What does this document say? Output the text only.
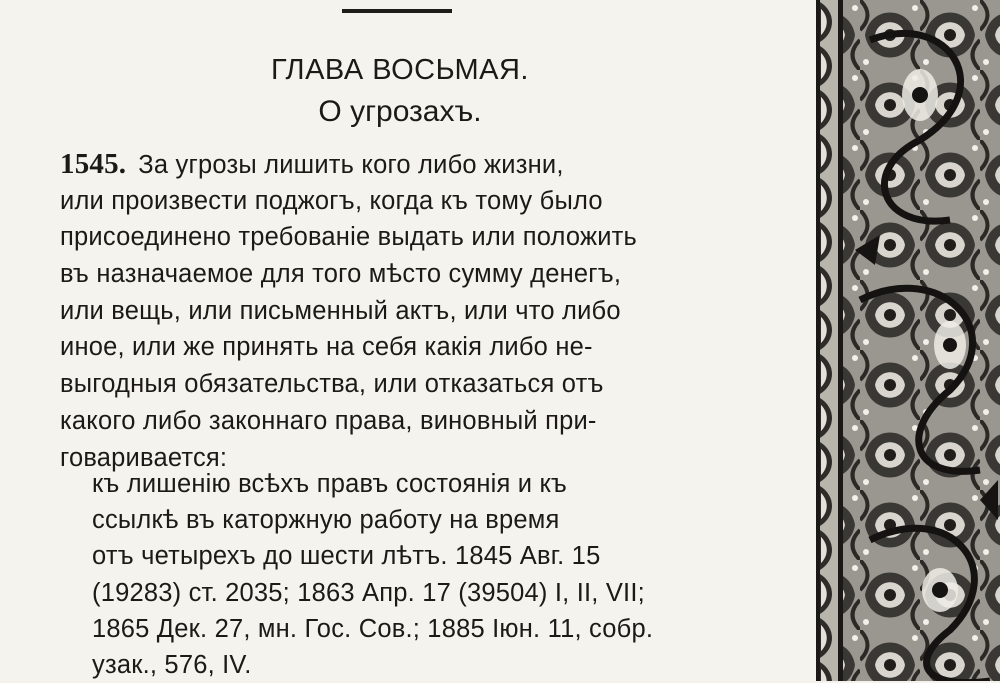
ГЛАВА ВОСЬМАЯ.
О угрозахъ.
1545. За угрозы лишить кого либо жизни,
или произвести поджогъ, когда къ тому было
присоединено требованіе выдать или положить
въ назначаемое для того мѣсто сумму денегъ,
или вещь, или письменный актъ, или что либо
иное, или же принять на себя какія либо не-
выгодныя обязательства, или отказаться отъ
какого либо законнаго права, виновный при-
говаривается:
къ лишенію всѣхъ правъ состоянія и къ
ссылкѣ въ каторжную работу на время
отъ четырехъ до шести лѣтъ. 1845 Авг. 15
(19283) ст. 2035; 1863 Апр. 17 (39504) I, II, VII;
1865 Дек. 27, мн. Гос. Сов.; 1885 Іюн. 11, собр.
узак., 576, IV.
